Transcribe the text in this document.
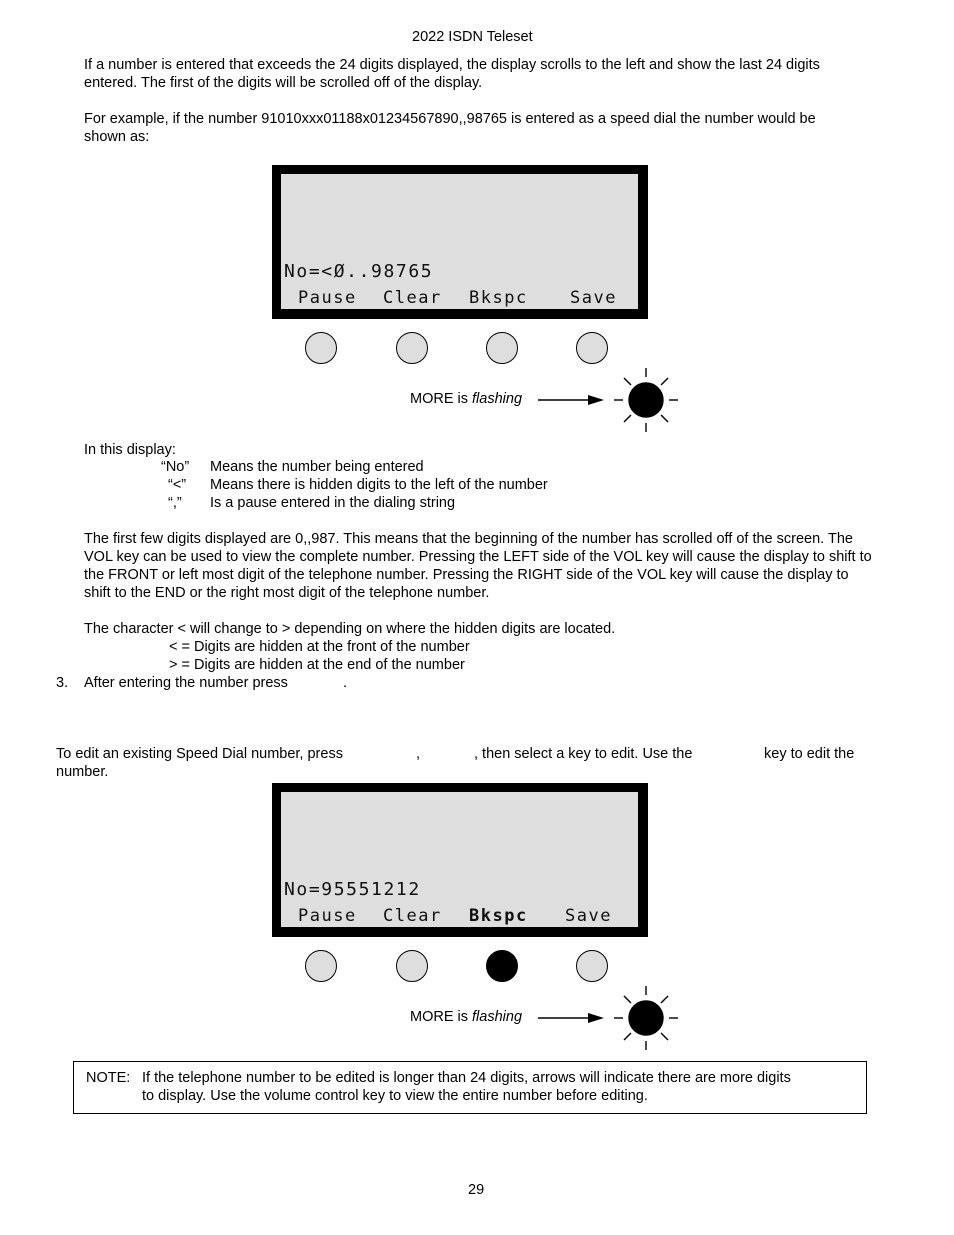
2022 ISDN Teleset
If a number is entered that exceeds the 24 digits displayed, the display scrolls to the left and show the last 24 digits
entered. The first of the digits will be scrolled off of the display.
For example, if the number 91010xxx01188x01234567890,,98765 is entered as a speed dial the number would be
shown as:
No=<Ø..98765
Pause Clear Bkspc Save
MORE is flashing
In this display:
“No” Means the number being entered
“<” Means there is hidden digits to the left of the number
“,” Is a pause entered in the dialing string
The first few digits displayed are 0,,987. This means that the beginning of the number has scrolled off of the screen. The
VOL key can be used to view the complete number. Pressing the LEFT side of the VOL key will cause the display to shift to
the FRONT or left most digit of the telephone number. Pressing the RIGHT side of the VOL key will cause the display to
shift to the END or the right most digit of the telephone number.
The character < will change to > depending on where the hidden digits are located.
< = Digits are hidden at the front of the number
> = Digits are hidden at the end of the number
3. After entering the number press	.
To edit an existing Speed Dial number, press	,	, then select a key to edit. Use the	key to edit the
number.
No=95551212
Pause Clear Bkspc Save
MORE is flashing
NOTE: If the telephone number to be edited is longer than 24 digits, arrows will indicate there are more digits
to display. Use the volume control key to view the entire number before editing.
29
